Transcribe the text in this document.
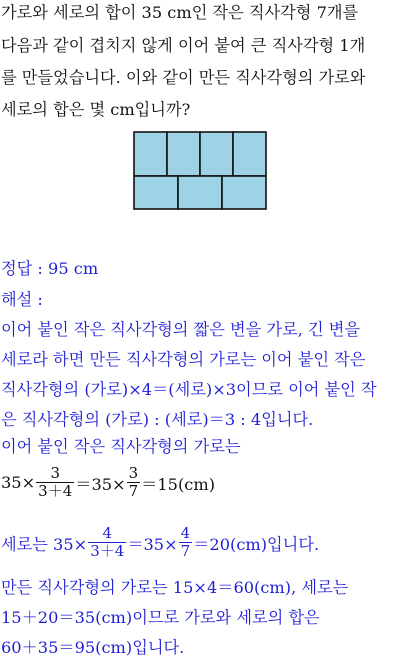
가로와 세로의 합이 35 cm인 작은 직사각형 7개를
다음과 같이 겹치지 않게 이어 붙여 큰 직사각형 1개
를 만들었습니다. 이와 같이 만든 직사각형의 가로와
세로의 합은 몇 cm입니까?
정답 : 95 cm
해설 :
이어 붙인 작은 직사각형의 짧은 변을 가로, 긴 변을
세로라 하면 만든 직사각형의 가로는 이어 붙인 작은
직사각형의 (가로)×4＝(세로)×3이므로 이어 붙인 작
은 직사각형의 (가로) : (세로)＝3 : 4입니다.
이어 붙인 작은 직사각형의 가로는
$35\times \frac{3}{3+4} =35\times \frac{3}{7} =15(cm)$
세로는 $35\times \frac{4}{3+4} =35\times \frac{4}{7} =20(cm)$입니다.
만든 직사각형의 가로는 15×4＝60(cm), 세로는
15＋20＝35(cm)이므로 가로와 세로의 합은
60＋35＝95(cm)입니다.
